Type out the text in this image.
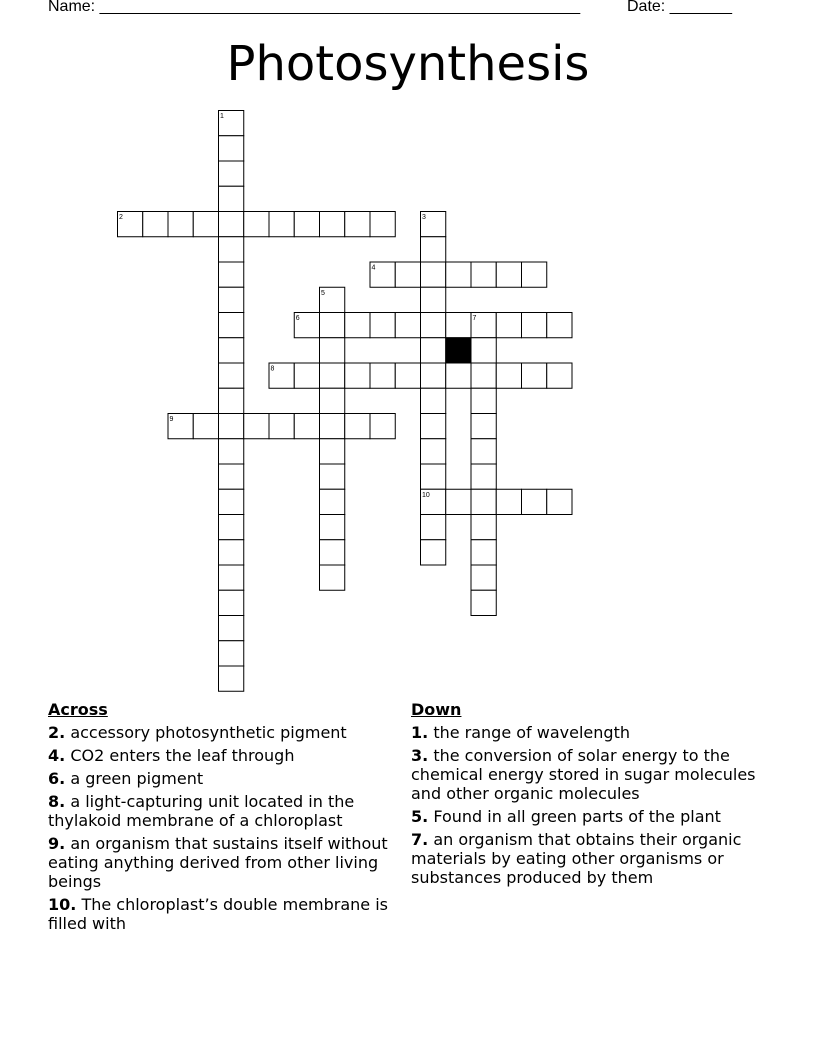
Name: ______________________________________________________	Date: _______
Photosynthesis
1
2	3
4
5
6	7
8
9
10
Across
2. accessory photosynthetic pigment
4. CO2 enters the leaf through
6. a green pigment
8. a light-capturing unit located in the thylakoid membrane of a chloroplast
9. an organism that sustains itself without eating anything derived from other living beings
10. The chloroplast’s double membrane is filled with
Down
1. the range of wavelength
3. the conversion of solar energy to the chemical energy stored in sugar molecules and other organic molecules
5. Found in all green parts of the plant
7. an organism that obtains their organic materials by eating other organisms or substances produced by them
